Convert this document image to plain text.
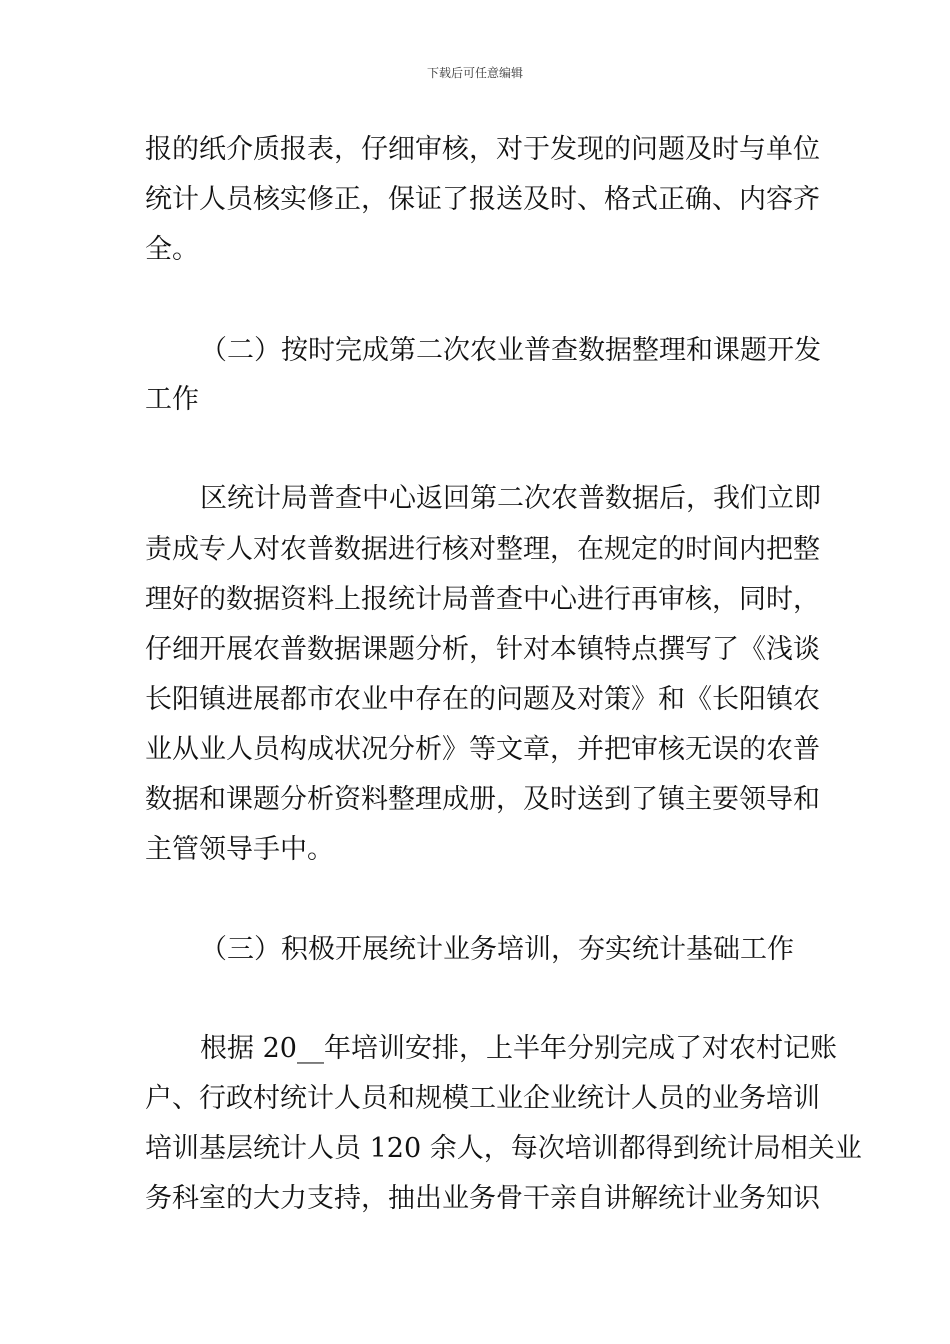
下载后可任意编辑
报的纸介质报表，仔细审核，对于发现的问题及时与单位
统计人员核实修正，保证了报送及时、格式正确、内容齐
全。
（二）按时完成第二次农业普查数据整理和课题开发
工作
区统计局普查中心返回第二次农普数据后，我们立即
责成专人对农普数据进行核对整理，在规定的时间内把整
理好的数据资料上报统计局普查中心进行再审核，同时，
仔细开展农普数据课题分析，针对本镇特点撰写了《浅谈
长阳镇进展都市农业中存在的问题及对策》和《长阳镇农
业从业人员构成状况分析》等文章，并把审核无误的农普
数据和课题分析资料整理成册，及时送到了镇主要领导和
主管领导手中。
（三）积极开展统计业务培训，夯实统计基础工作
根据 20__年培训安排，上半年分别完成了对农村记账
户、行政村统计人员和规模工业企业统计人员的业务培训
培训基层统计人员 120 余人，每次培训都得到统计局相关业
务科室的大力支持，抽出业务骨干亲自讲解统计业务知识
